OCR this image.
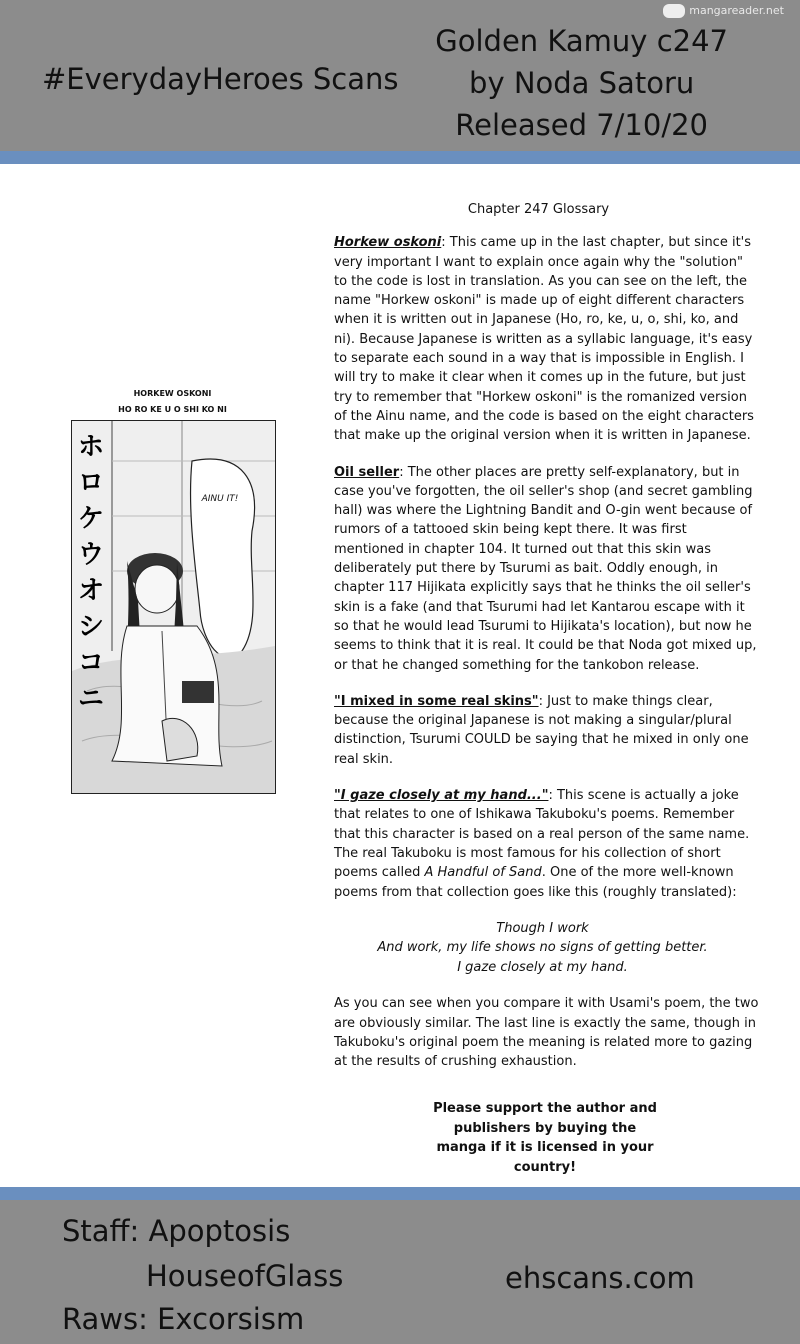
#EverydayHeroes Scans
Golden Kamuy c247
by Noda Satoru
Released 7/10/20
mangareader.net
HORKEW OSKONI
HO RO KE U O SHI KO NI
ホ
ロ
ケ
ウ
オ
シ
コ
ニ
AINU IT!
Chapter 247 Glossary
Horkew oskoni: This came up in the last chapter, but since it's very important I want to explain once again why the "solution" to the code is lost in translation. As you can see on the left, the name "Horkew oskoni" is made up of eight different characters when it is written out in Japanese (Ho, ro, ke, u, o, shi, ko, and ni). Because Japanese is written as a syllabic language, it's easy to separate each sound in a way that is impossible in English. I will try to make it clear when it comes up in the future, but just try to remember that "Horkew oskoni" is the romanized version of the Ainu name, and the code is based on the eight characters that make up the original version when it is written in Japanese.
Oil seller: The other places are pretty self-explanatory, but in case you've forgotten, the oil seller's shop (and secret gambling hall) was where the Lightning Bandit and O-gin went because of rumors of a tattooed skin being kept there. It was first mentioned in chapter 104. It turned out that this skin was deliberately put there by Tsurumi as bait. Oddly enough, in chapter 117 Hijikata explicitly says that he thinks the oil seller's skin is a fake (and that Tsurumi had let Kantarou escape with it so that he would lead Tsurumi to Hijikata's location), but now he seems to think that it is real. It could be that Noda got mixed up, or that he changed something for the tankobon release.
"I mixed in some real skins": Just to make things clear, because the original Japanese is not making a singular/plural distinction, Tsurumi COULD be saying that he mixed in only one real skin.
"I gaze closely at my hand...": This scene is actually a joke that relates to one of Ishikawa Takuboku's poems. Remember that this character is based on a real person of the same name. The real Takuboku is most famous for his collection of short poems called A Handful of Sand. One of the more well-known poems from that collection goes like this (roughly translated):
Though I work
And work, my life shows no signs of getting better.
I gaze closely at my hand.
As you can see when you compare it with Usami's poem, the two are obviously similar. The last line is exactly the same, though in Takuboku's original poem the meaning is related more to gazing at the results of crushing exhaustion.
Please support the author and publishers by buying the manga if it is licensed in your country!
Staff: Apoptosis
HouseofGlass
Raws: Excorsism
ehscans.com
